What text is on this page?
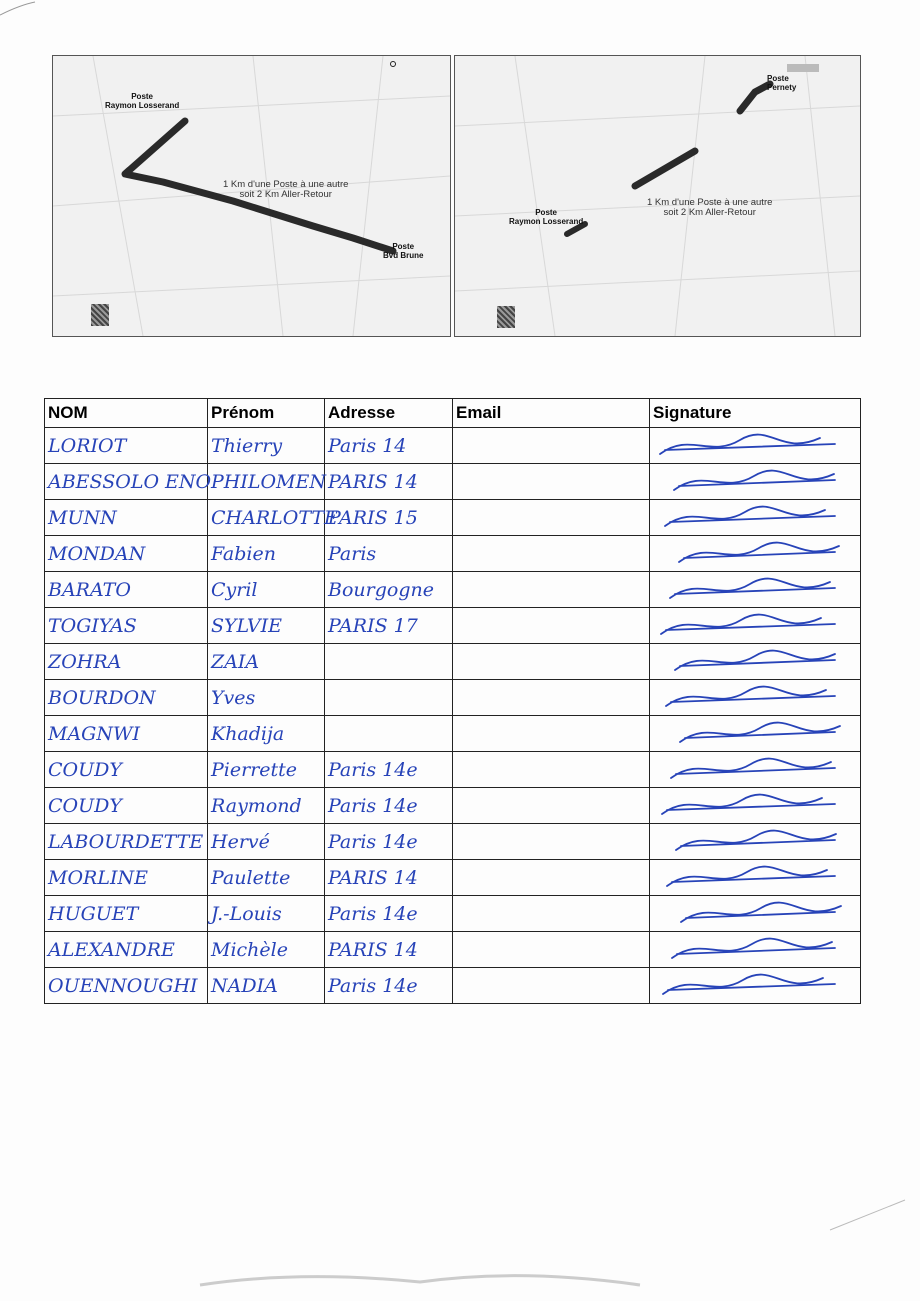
Poste
Raymon Losserand
1 Km d'une Poste à une autre
soit 2 Km Aller-Retour
Poste
Bvd Brune
Poste
Pernety
Poste
Raymon Losserand
1 Km d'une Poste à une autre
soit 2 Km Aller-Retour
NOM	Prénom	Adresse	Email	Signature
LORIOT	Thierry	Paris 14		

ABESSOLO ENO	PHILOMEN	PARIS 14		

MUNN	CHARLOTTE	PARIS 15		

MONDAN	Fabien	Paris		

BARATO	Cyril	Bourgogne		

TOGIYAS	SYLVIE	PARIS 17		

ZOHRA	ZAIA			

BOURDON	Yves			

MAGNWI	Khadija			

COUDY	Pierrette	Paris 14e		

COUDY	Raymond	Paris 14e		

LABOURDETTE	Hervé	Paris 14e		

MORLINE	Paulette	PARIS 14		

HUGUET	J.-Louis	Paris 14e		

ALEXANDRE	Michèle	PARIS 14		

OUENNOUGHI	NADIA	Paris 14e		
